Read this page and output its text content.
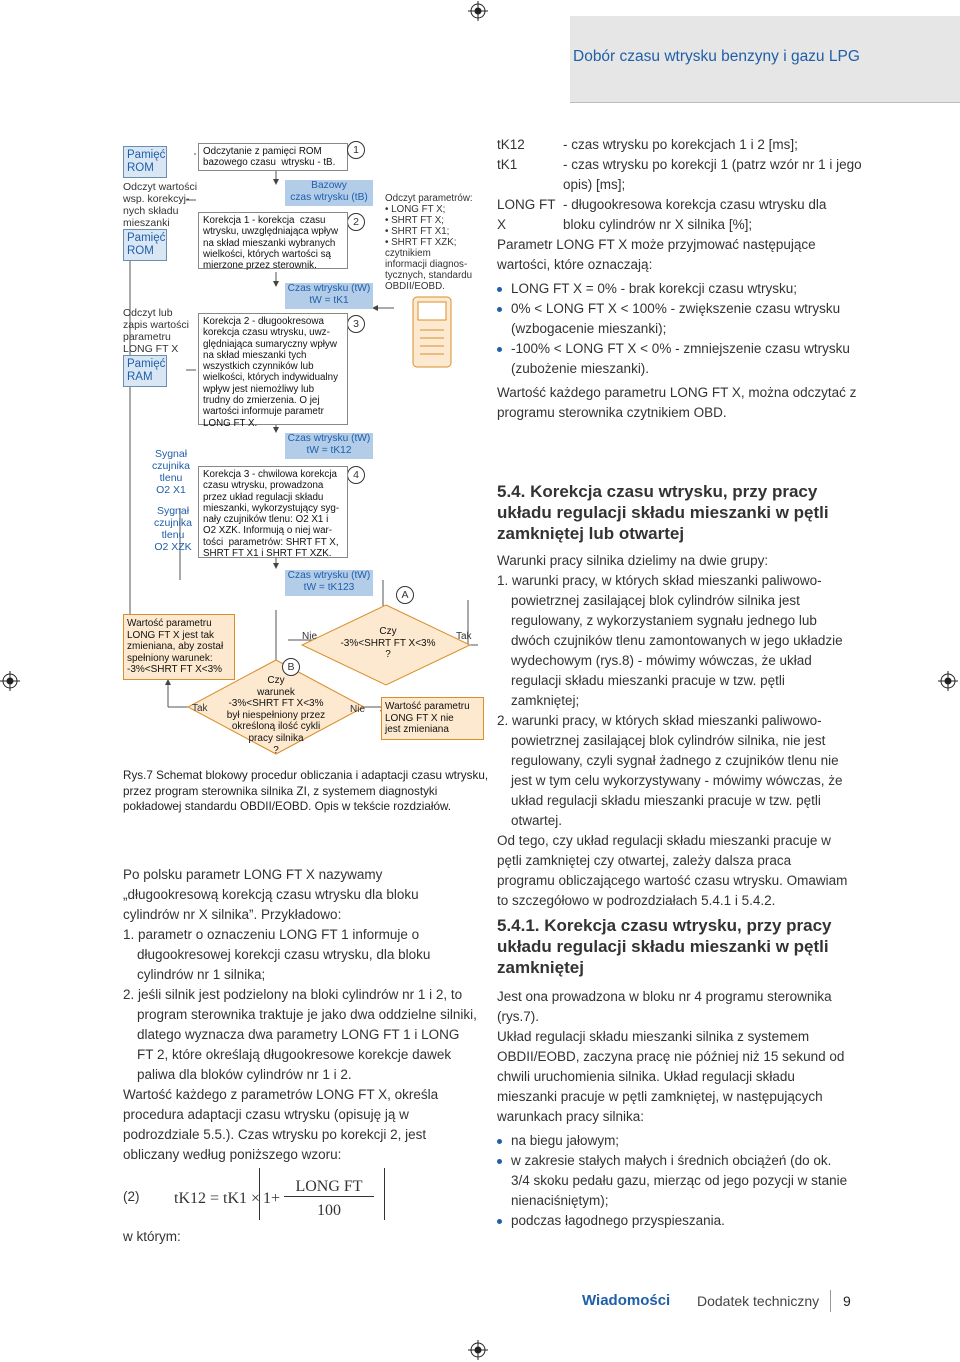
Dobór czasu wtrysku benzyny i gazu LPG
Pamięć
ROM
Odczyt wartości
wsp. korekcyj-
nych składu
mieszanki
Pamięć
ROM
Odczyt lub
zapis wartości
parametru
LONG FT X
Pamięć
RAM
Sygnał
czujnika
tlenu
O2 X1
Sygnał
czujnika
tlenu
O2 XZK
Odczytanie z pamięci ROM
bazowego czasu  wtrysku - tB.
1
Bazowy
czas wtrysku (tB)
2
Korekcja 1 - korekcja  czasu
wtrysku, uwzględniająca wpływ
na skład mieszanki wybranych
wielkości, których wartości są
mierzone przez sterownik.
Czas wtrysku (tW)
tW = tK1
3
Korekcja 2 - długookresowa
korekcja czasu wtrysku, uwz-
ględniająca sumaryczny wpływ
na skład mieszanki tych
wszystkich czynników lub
wielkości, których indywidualny
wpływ jest niemożliwy lub
trudny do zmierzenia. O jej
wartości informuje parametr
LONG FT X.
Czas wtrysku (tW)
tW = tK12
4
Korekcja 3 - chwilowa korekcja
czasu wtrysku, prowadzona
przez układ regulacji składu
mieszanki, wykorzystujący syg-
nały czujników tlenu: O2 X1 i
O2 XZK. Informują o niej war-
tości  parametrów: SHRT FT X,
SHRT FT X1 i SHRT FT XZK.
Czas wtrysku (tW)
tW = tK123
Odczyt parametrów:
• LONG FT X;
• SHRT FT X;
• SHRT FT X1;
• SHRT FT XZK;
czytnikiem
informacji diagnos-
tycznych, standardu
OBDII/EOBD.
Wartość parametru
LONG FT X jest tak
zmieniana, aby został
spełniony warunek:
-3%<SHRT FT X<3%
Czy
warunek
-3%<SHRT FT X<3%
był niespełniony przez
określoną ilość cykli
pracy silnika
?
Czy
-3%<SHRT FT X<3%
?
Wartość parametru
LONG FT X nie
jest zmieniana
A
B
Nie
Nie
Tak
Tak
Rys.7 Schemat blokowy procedur obliczania i adaptacji czasu wtrysku, przez program sterownika silnika ZI, z systemem diagnostyki pokładowej standardu OBDII/EOBD. Opis w tekście rozdziałów.
Po polsku parametr LONG FT X nazywamy „długookresową korekcją czasu wtrysku dla bloku cylindrów nr X silnika”. Przykładowo:
1. parametr o oznaczeniu LONG FT 1 informuje o długookresowej korekcji czasu wtrysku, dla bloku cylindrów nr 1 silnika;
2. jeśli silnik jest podzielony na bloki cylindrów nr 1 i 2, to program sterownika traktuje je jako dwa oddzielne silniki, dlatego wyznacza dwa parametry LONG FT 1 i LONG FT 2, które określają długookresowe korekcje dawek paliwa dla bloków cylindrów nr 1 i 2.
Wartość każdego z parametrów LONG FT X, określa procedura adaptacji czasu wtrysku (opisuję ją w podrozdziale 5.5.). Czas wtrysku po korekcji 2, jest obliczany według poniższego wzoru:
(2) tK12 = tK1 × 1+
LONG FT
100
w którym:
tK12	- czas wtrysku po korekcjach 1 i 2 [ms];
tK1	- czas wtrysku po korekcji 1 (patrz wzór nr 1 i jego opis) [ms];
LONG FT X
- długookresowa korekcja czasu wtrysku dla bloku cylindrów nr X silnika [%];
Parametr LONG FT X może przyjmować następujące wartości, które oznaczają:
LONG FT X = 0% - brak korekcji czasu wtrysku;
0% < LONG FT X < 100% - zwiększenie czasu wtrysku (wzbogacenie mieszanki);
-100% < LONG FT X < 0% - zmniejszenie czasu wtrysku (zubożenie mieszanki).
Wartość każdego parametru LONG FT X, można odczytać z programu sterownika czytnikiem OBD.
5.4. Korekcja czasu wtrysku, przy pracy układu regulacji składu mieszanki w pętli zamkniętej lub otwartej
Warunki pracy silnika dzielimy na dwie grupy:
1. warunki pracy, w których skład mieszanki paliwowo-powietrznej zasilającej blok cylindrów silnika jest regulowany, z wykorzystaniem sygnału jednego lub dwóch czujników tlenu zamontowanych w jego układzie wydechowym (rys.8) - mówimy wówczas, że układ regulacji składu mieszanki pracuje w tzw. pętli zamkniętej;
2. warunki pracy, w których skład mieszanki paliwowo-powietrznej zasilającej blok cylindrów silnika, nie jest regulowany, czyli sygnał żadnego z czujników tlenu nie jest w tym celu wykorzystywany - mówimy wówczas, że układ regulacji składu mieszanki pracuje w tzw. pętli otwartej.
Od tego, czy układ regulacji składu mieszanki pracuje w pętli zamkniętej czy otwartej, zależy dalsza praca programu obliczającego wartość czasu wtrysku. Omawiam to szczegółowo w podrozdziałach 5.4.1 i 5.4.2.
5.4.1. Korekcja czasu wtrysku, przy pracy układu regulacji składu mieszanki w pętli zamkniętej
Jest ona prowadzona w bloku nr 4 programu sterownika (rys.7).
Układ regulacji składu mieszanki silnika z systemem OBDII/EOBD, zaczyna pracę nie później niż 15 sekund od chwili uruchomienia silnika. Układ regulacji składu mieszanki pracuje w pętli zamkniętej, w następujących warunkach pracy silnika:
na biegu jałowym;
w zakresie stałych małych i średnich obciążeń (do ok. 3/4 skoku pedału gazu, mierząc od jego pozycji w stanie nienaciśniętym);
podczas łagodnego przyspieszania.
Wiadomości Dodatek techniczny 9
